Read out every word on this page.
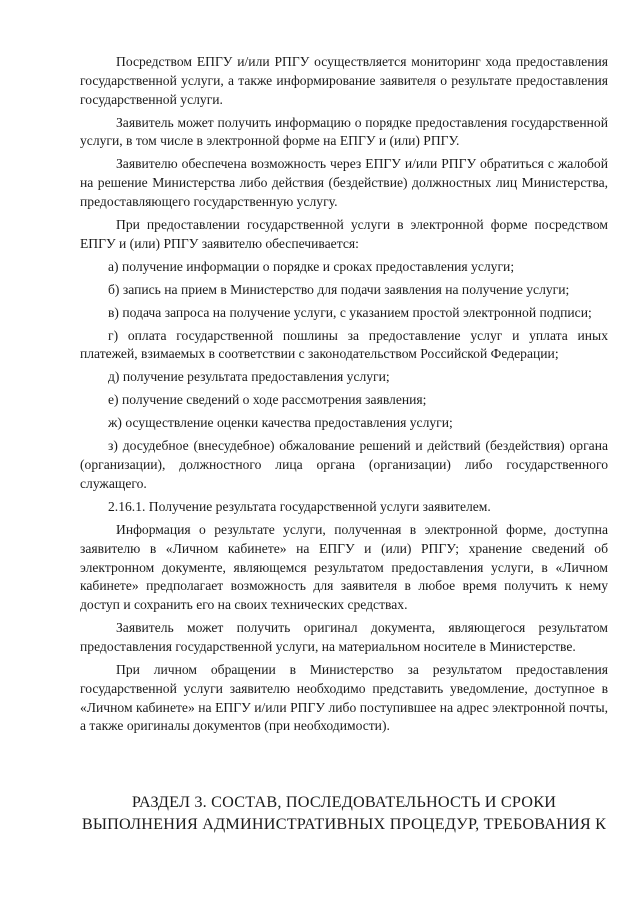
Посредством ЕПГУ и/или РПГУ осуществляется мониторинг хода предоставления государственной услуги, а также информирование заявителя о результате предоставления государственной услуги.

Заявитель может получить информацию о порядке предоставления государственной услуги, в том числе в электронной форме на ЕПГУ и (или) РПГУ.

Заявителю обеспечена возможность через ЕПГУ и/или РПГУ обратиться с жалобой на решение Министерства либо действия (бездействие) должностных лиц Министерства, предоставляющего государственную услугу.

При предоставлении государственной услуги в электронной форме посредством ЕПГУ и (или) РПГУ заявителю обеспечивается:

а) получение информации о порядке и сроках предоставления услуги;

б) запись на прием в Министерство для подачи заявления на получение услуги;

в) подача запроса на получение услуги, с указанием простой электронной подписи;

г) оплата государственной пошлины за предоставление услуг и уплата иных платежей, взимаемых в соответствии с законодательством Российской Федерации;

д) получение результата предоставления услуги;

е) получение сведений о ходе рассмотрения заявления;

ж) осуществление оценки качества предоставления услуги;

з) досудебное (внесудебное) обжалование решений и действий (бездействия) органа (организации), должностного лица органа (организации) либо государственного служащего.

2.16.1. Получение результата государственной услуги заявителем.

Информация о результате услуги, полученная в электронной форме, доступна заявителю в «Личном кабинете» на ЕПГУ и (или) РПГУ; хранение сведений об электронном документе, являющемся результатом предоставления услуги, в «Личном кабинете» предполагает возможность для заявителя в любое время получить к нему доступ и сохранить его на своих технических средствах.

Заявитель может получить оригинал документа, являющегося результатом предоставления государственной услуги, на материальном носителе в Министерстве.

При личном обращении в Министерство за результатом предоставления государственной услуги заявителю необходимо представить уведомление, доступное в «Личном кабинете» на ЕПГУ и/или РПГУ либо поступившее на адрес электронной почты, а также оригиналы документов (при необходимости).

РАЗДЕЛ 3. СОСТАВ, ПОСЛЕДОВАТЕЛЬНОСТЬ И СРОКИ
ВЫПОЛНЕНИЯ АДМИНИСТРАТИВНЫХ ПРОЦЕДУР, ТРЕБОВАНИЯ К
